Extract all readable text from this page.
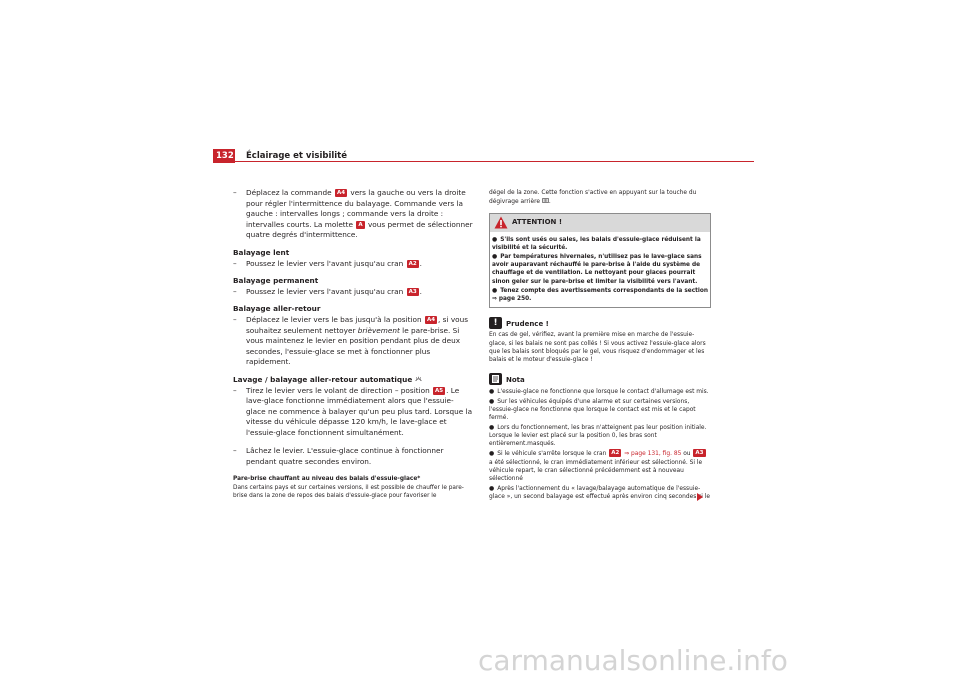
132 Éclairage et visibilité

– Déplacez la commande A4 vers la gauche ou vers la droite pour régler l'intermittence du balayage. Commande vers la gauche : intervalles longs ; commande vers la droite : intervalles courts. La molette A vous permet de sélectionner quatre degrés d'intermittence.

Balayage lent

– Poussez le levier vers l'avant jusqu'au cran A2 .

Balayage permanent

– Poussez le levier vers l'avant jusqu'au cran A3 .

Balayage aller-retour

– Déplacez le levier vers le bas jusqu'à la position A4 , si vous souhaitez seulement nettoyer brièvement le pare-brise. Si vous maintenez le levier en position pendant plus de deux secondes, l'essuie-glace se met à fonctionner plus rapidement.

Lavage / balayage aller-retour automatique

– Tirez le levier vers le volant de direction – position A5 . Le lave-glace fonctionne immédiatement alors que l'essuie-glace ne commence à balayer qu'un peu plus tard. Lorsque la vitesse du véhicule dépasse 120 km/h, le lave-glace et l'essuie-glace fonctionnent simultanément.

– Lâchez le levier. L'essuie-glace continue à fonctionner pendant quatre secondes environ.

Pare-brise chauffant au niveau des balais d'essuie-glace*
Dans certains pays et sur certaines versions, il est possible de chauffer le pare-brise dans la zone de repos des balais d'essuie-glace pour favoriser le
dégel de la zone. Cette fonction s'active en appuyant sur la touche du dégivrage arrière .
ATTENTION !
● S'ils sont usés ou sales, les balais d'essuie-glace réduisent la visibilité et la sécurité.
● Par températures hivernales, n'utilisez pas le lave-glace sans avoir auparavant réchauffé le pare-brise à l'aide du système de chauffage et de ventilation. Le nettoyant pour glaces pourrait sinon geler sur le pare-brise et limiter la visibilité vers l'avant.
● Tenez compte des avertissements correspondants de la section
⇒ page 250.
!	Prudence !
En cas de gel, vérifiez, avant la première mise en marche de l'essuie-glace, si les balais ne sont pas collés ! Si vous activez l'essuie-glace alors que les balais sont bloqués par le gel, vous risquez d'endommager et les balais et le moteur d'essuie-glace !
Nota
● L'essuie-glace ne fonctionne que lorsque le contact d'allumage est mis.
● Sur les véhicules équipés d'une alarme et sur certaines versions, l'essuie-glace ne fonctionne que lorsque le contact est mis et le capot fermé.
● Lors du fonctionnement, les bras n'atteignent pas leur position initiale. Lorsque le levier est placé sur la position 0, les bras sont entièrement.masqués.
● Si le véhicule s'arrête lorsque le cran A2 ⇒ page 131, fig. 85 ou A3 a été sélectionné, le cran immédiatement inférieur est sélectionné. Si le véhicule repart, le cran sélectionné précédemment est à nouveau sélectionné
● Après l'actionnement du « lavage/balayage automatique de l'essuie-glace », un second balayage est effectué après environ cinq secondes si le
carmanualsonline.info
